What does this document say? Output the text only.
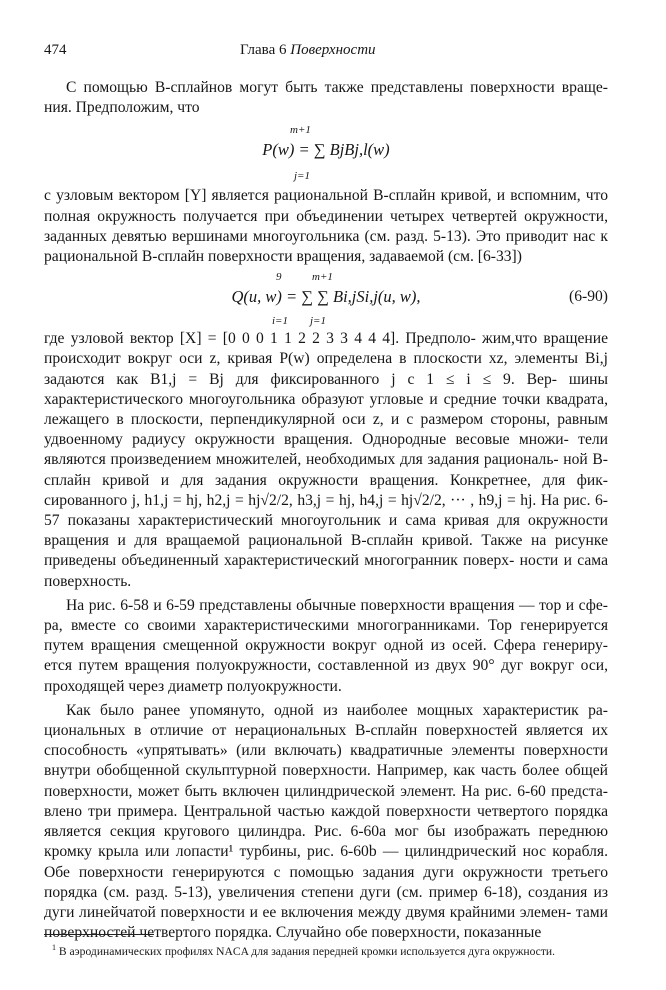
474	Глава 6 Поверхности

С помощью B-сплайнов могут быть также представлены поверхности враще- ния. Предположим, что

m+1
P(w) = ∑ BjBj,l(w)
j=1

с узловым вектором [Y] является рациональной B-сплайн кривой, и вспомним, что полная окружность получается при объединении четырех четвертей окружности, заданных девятью вершинами многоугольника (см. разд. 5-13). Это приводит нас к рациональной B-сплайн поверхности вращения, задаваемой (см. [6-33])

9	m+1
Q(u, w) = ∑ ∑ Bi,jSi,j(u, w),
i=1 j=1
(6-90)

где узловой вектор [X] = [0 0 0 1 1 2 2 3 3 4 4 4]. Предполо- жим,что вращение происходит вокруг оси z, кривая P(w) определена в плоскости xz, элементы Bi,j задаются как B1,j = Bj для фиксированного j с 1 ≤ i ≤ 9. Вер- шины характеристического многоугольника образуют угловые и средние точки квадрата, лежащего в плоскости, перпендикулярной оси z, и с размером стороны, равным удвоенному радиусу окружности вращения. Однородные весовые множи- тели являются произведением множителей, необходимых для задания рациональ- ной B-сплайн кривой и для задания окружности вращения. Конкретнее, для фик- сированного j, h1,j = hj, h2,j = hj√2/2, h3,j = hj, h4,j = hj√2/2, ··· , h9,j = hj. На рис. 6-57 показаны характеристический многоугольник и сама кривая для окружности вращения и для вращаемой рациональной B-сплайн кривой. Также на рисунке приведены объединенный характеристический многогранник поверх- ности и сама поверхность.

На рис. 6-58 и 6-59 представлены обычные поверхности вращения — тор и сфе- ра, вместе со своими характеристическими многогранниками. Тор генерируется путем вращения смещенной окружности вокруг одной из осей. Сфера генериру- ется путем вращения полуокружности, составленной из двух 90° дуг вокруг оси, проходящей через диаметр полуокружности.

Как было ранее упомянуто, одной из наиболее мощных характеристик ра- циональных в отличие от нерациональных B-сплайн поверхностей является их способность «упрятывать» (или включать) квадратичные элементы поверхности внутри обобщенной скульптурной поверхности. Например, как часть более общей поверхности, может быть включен цилиндрической элемент. На рис. 6-60 предста- влено три примера. Центральной частью каждой поверхности четвертого порядка является секция кругового цилиндра. Рис. 6-60a мог бы изображать переднюю кромку крыла или лопасти¹ турбины, рис. 6-60b — цилиндрический нос корабля. Обе поверхности генерируются с помощью задания дуги окружности третьего порядка (см. разд. 5-13), увеличения степени дуги (см. пример 6-18), создания из дуги линейчатой поверхности и ее включения между двумя крайними элемен- тами поверхностей четвертого порядка. Случайно обе поверхности, показанные

$^1$ В аэродинамических профилях NACA для задания передней кромки используется дуга окружности.
